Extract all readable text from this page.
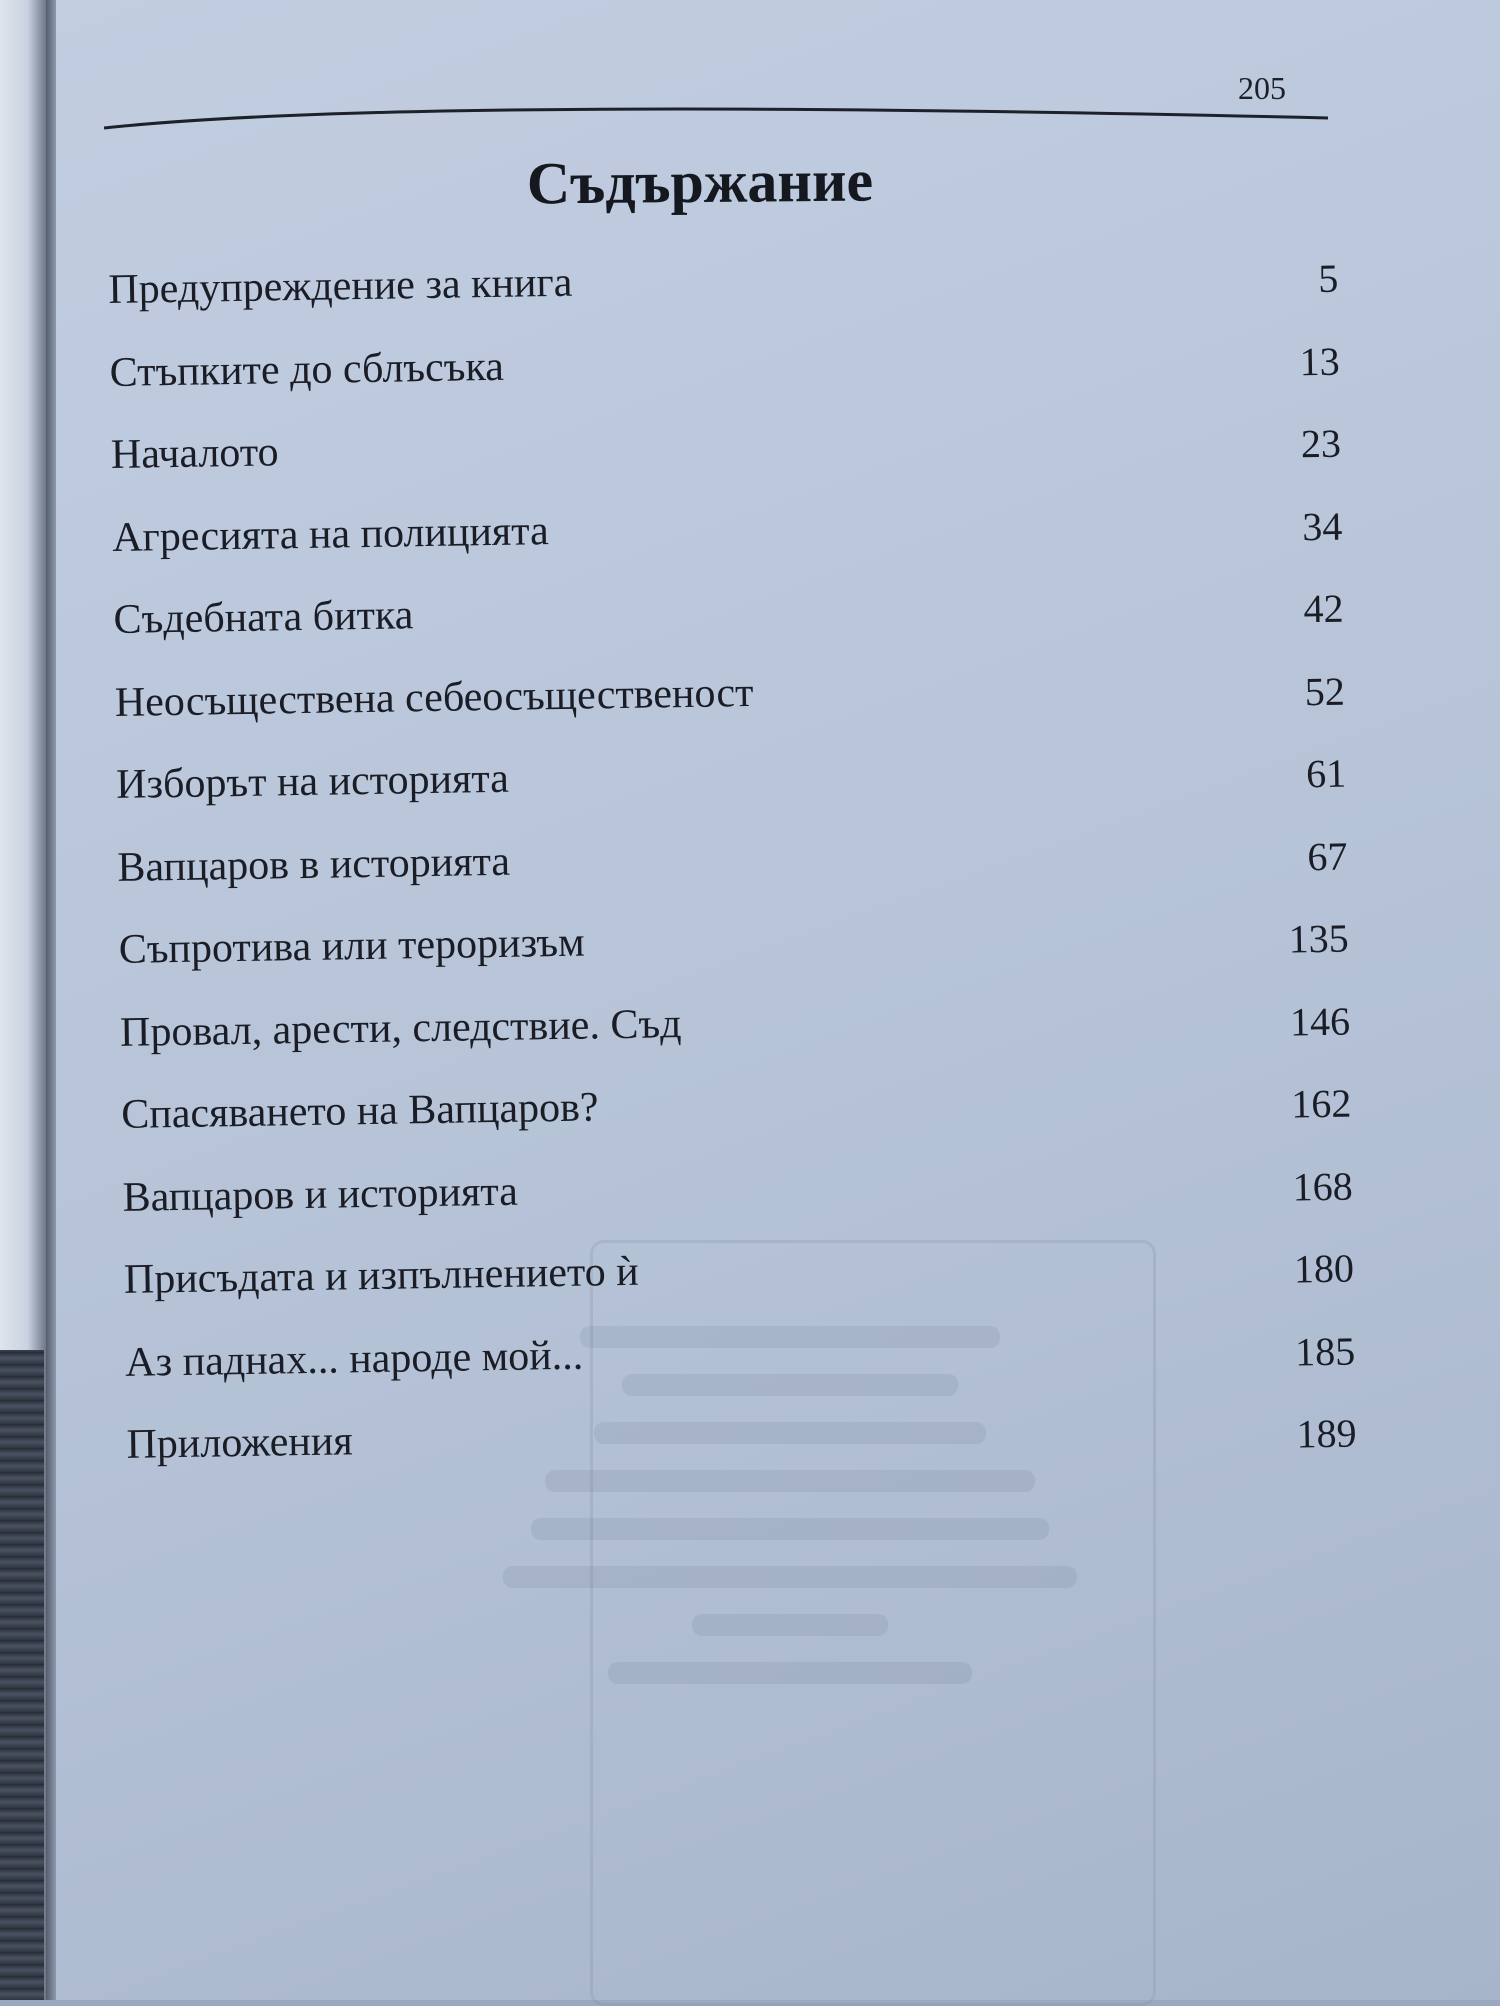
205
Съдържание
Предупреждение за книга	5
Стъпките до сблъсъка	13
Началото	23
Агресията на полицията	34
Съдебната битка	42
Неосъществена себеосъщественост	52
Изборът на историята	61
Вапцаров в историята	67
Съпротива или тероризъм	135
Провал, арести, следствие. Съд	146
Спасяването на Вапцаров?	162
Вапцаров и историята	168
Присъдата и изпълнението ѝ	180
Аз паднах... народе мой...	185
Приложения	189
